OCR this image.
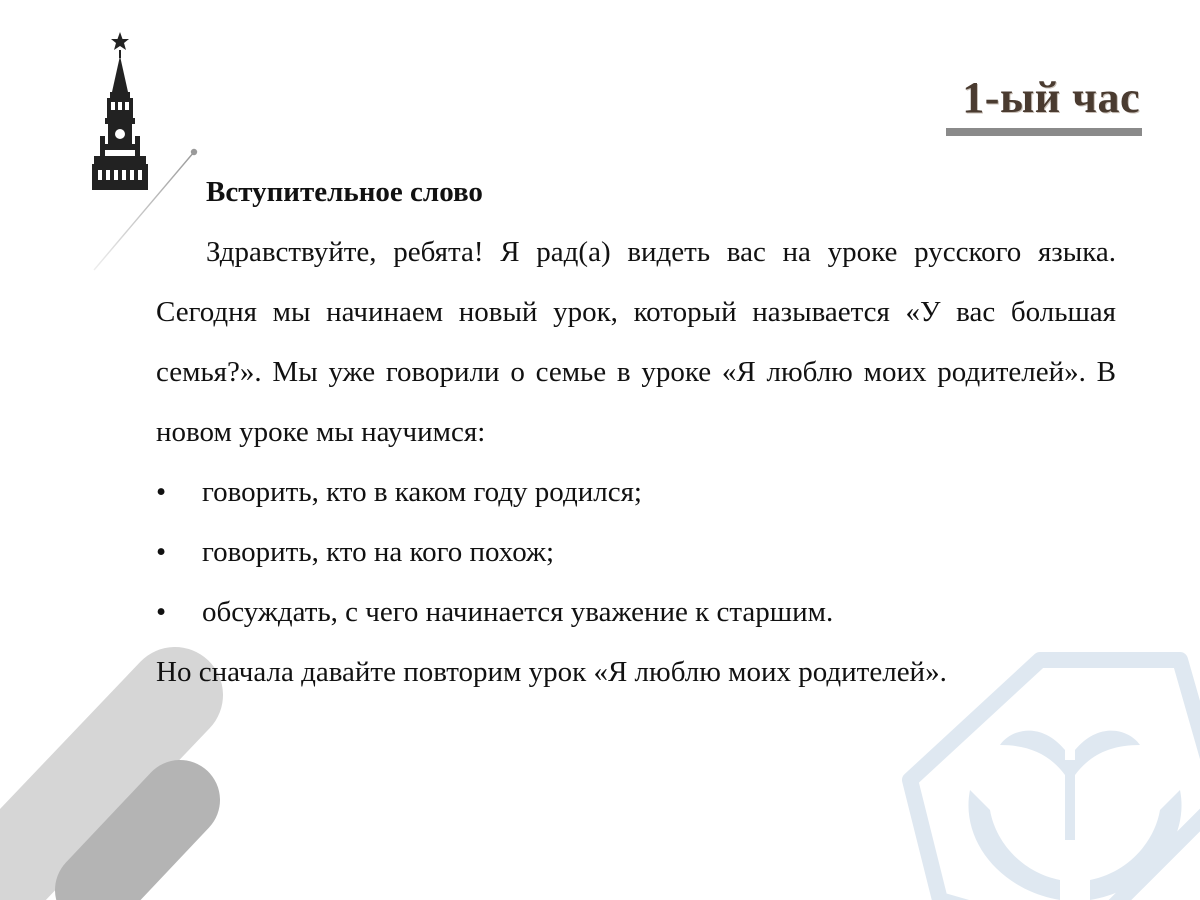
1-ый час
Вступительное слово

Здравствуйте, ребята! Я рад(а) видеть вас на уроке русского языка. Сегодня мы начинаем новый урок, который называется «У вас большая семья?». Мы уже говорили о семье в уроке «Я люблю моих родителей». В новом уроке мы научимся:

•	говорить, кто в каком году родился;
•	говорить, кто на кого похож;
•	обсуждать, с чего начинается уважение к старшим.

Но сначала давайте повторим урок «Я люблю моих родителей».
